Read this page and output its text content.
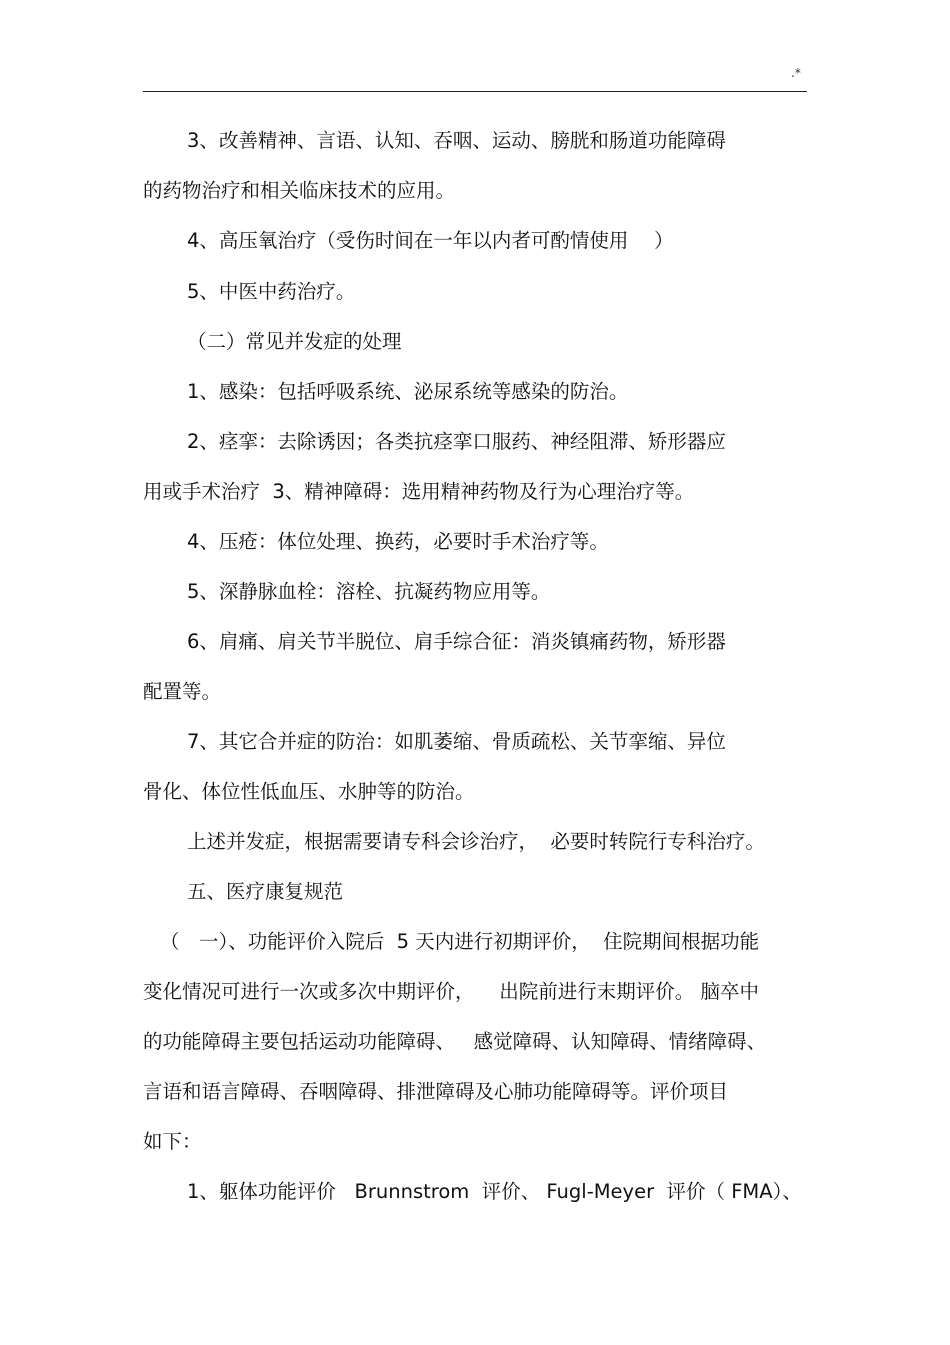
.*
3、改善精神、言语、认知、吞咽、运动、膀胱和肠道功能障碍
的药物治疗和相关临床技术的应用。
4、高压氧治疗（受伤时间在一年以内者可酌情使用　 ）
5、中医中药治疗。
（二）常见并发症的处理
1、感染：包括呼吸系统、泌尿系统等感染的防治。
2、痉挛：去除诱因；各类抗痉挛口服药、神经阻滞、矫形器应
用或手术治疗  3、精神障碍：选用精神药物及行为心理治疗等。
4、压疮：体位处理、换药，必要时手术治疗等。
5、深静脉血栓：溶栓、抗凝药物应用等。
6、肩痛、肩关节半脱位、肩手综合征：消炎镇痛药物，矫形器
配置等。
7、其它合并症的防治：如肌萎缩、骨质疏松、关节挛缩、异位
骨化、体位性低血压、水肿等的防治。
上述并发症，根据需要请专科会诊治疗，  必要时转院行专科治疗。
五、医疗康复规范
（　一）、功能评价入院后  5 天内进行初期评价，  住院期间根据功能
变化情况可进行一次或多次中期评价，    出院前进行末期评价。 脑卒中
的功能障碍主要包括运动功能障碍、   感觉障碍、认知障碍、情绪障碍、
言语和语言障碍、吞咽障碍、排泄障碍及心肺功能障碍等。评价项目
如下：
1、躯体功能评价   Brunnstrom  评价、 Fugl-Meyer  评价（ FMA）、
